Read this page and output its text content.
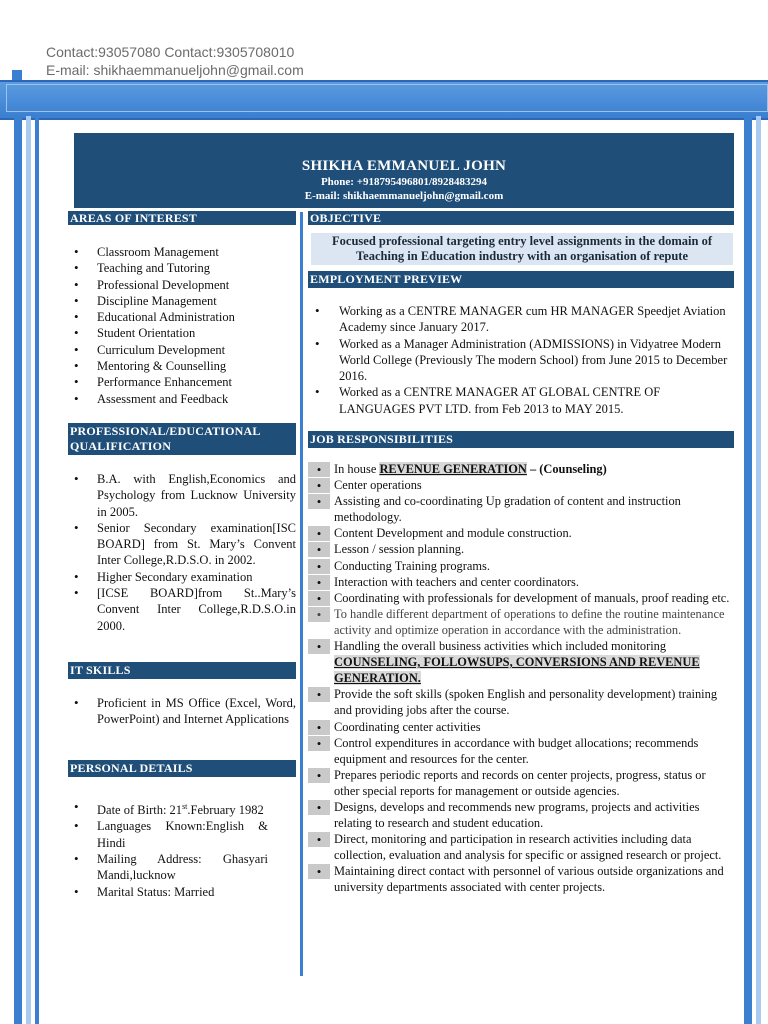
Contact:93057080 Contact:9305708010
E-mail: shikhaemmanueljohn@gmail.com
SHIKHA EMMANUEL JOHN
Phone: +918795496801/8928483294
E-mail: shikhaemmanueljohn@gmail.com
AREAS OF INTEREST
• Classroom Management
• Teaching and Tutoring
• Professional Development
• Discipline Management
• Educational Administration
• Student Orientation
• Curriculum Development
• Mentoring & Counselling
• Performance Enhancement
• Assessment and Feedback
PROFESSIONAL/EDUCATIONAL
QUALIFICATION
• B.A. with English,Economics and Psychology from Lucknow University in 2005.
• Senior Secondary examination[ISC BOARD] from St. Mary’s Convent Inter College,R.D.S.O. in 2002.
• Higher Secondary examination
• [ICSE BOARD]from St..Mary’s Convent Inter College,R.D.S.O.in 2000.
IT SKILLS
• Proficient in MS Office (Excel, Word, PowerPoint) and Internet Applications
PERSONAL DETAILS
• Date of Birth: 21st.February 1982
• Languages Known:English & Hindi
• Mailing Address: Ghasyari Mandi,lucknow
• Marital Status: Married
OBJECTIVE
Focused professional targeting entry level assignments in the domain of Teaching in Education industry with an organisation of repute
EMPLOYMENT PREVIEW
• Working as a CENTRE MANAGER cum HR MANAGER Speedjet Aviation Academy since January 2017.
• Worked as a Manager Administration (ADMISSIONS) in Vidyatree Modern World College (Previously The modern School) from June 2015 to December 2016.
• Worked as a CENTRE MANAGER AT GLOBAL CENTRE OF LANGUAGES PVT LTD. from Feb 2013 to MAY 2015.
JOB RESPONSIBILITIES
• In house REVENUE GENERATION – (Counseling)
• Center operations
• Assisting and co-coordinating Up gradation of content and instruction methodology.
• Content Development and module construction.
• Lesson / session planning.
• Conducting Training programs.
• Interaction with teachers and center coordinators.
• Coordinating with professionals for development of manuals, proof reading etc.
• To handle different department of operations to define the routine maintenance activity and optimize operation in accordance with the administration.
• Handling the overall business activities which included monitoring COUNSELING, FOLLOWSUPS, CONVERSIONS AND REVENUE GENERATION.
• Provide the soft skills (spoken English and personality development) training and providing jobs after the course.
• Coordinating center activities
• Control expenditures in accordance with budget allocations; recommends equipment and resources for the center.
• Prepares periodic reports and records on center projects, progress, status or other special reports for management or outside agencies.
• Designs, develops and recommends new programs, projects and activities relating to research and student education.
• Direct, monitoring and participation in research activities including data collection, evaluation and analysis for specific or assigned research or project.
• Maintaining direct contact with personnel of various outside organizations and university departments associated with center projects.
